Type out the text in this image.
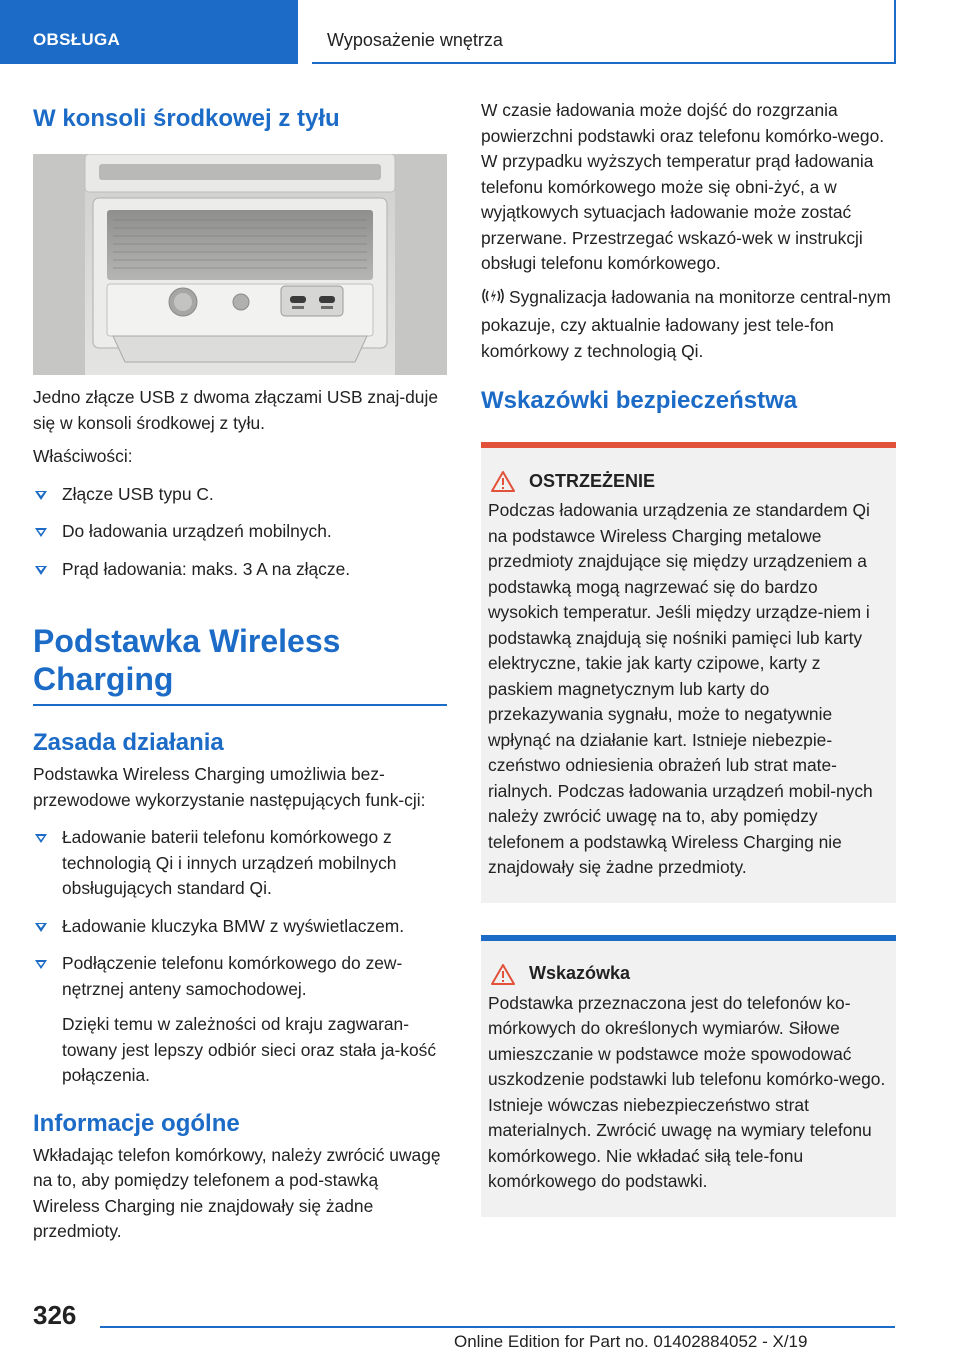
OBSŁUGA	Wyposażenie wnętrza
W konsoli środkowej z tyłu

Jedno złącze USB z dwoma złączami USB znaj-duje się w konsoli środkowej z tyłu.

Właściwości:

Złącze USB typu C.
Do ładowania urządzeń mobilnych.
Prąd ładowania: maks. 3 A na złącze.
Podstawka Wireless Charging
Zasada działania

Podstawka Wireless Charging umożliwia bez-przewodowe wykorzystanie następujących funk-cji:

Ładowanie baterii telefonu komórkowego z technologią Qi i innych urządzeń mobilnych obsługujących standard Qi.
Ładowanie kluczyka BMW z wyświetlaczem.
Podłączenie telefonu komórkowego do zew-nętrznej anteny samochodowej.

Dzięki temu w zależności od kraju zagwaran-towany jest lepszy odbiór sieci oraz stała ja-kość połączenia.

Informacje ogólne

Wkładając telefon komórkowy, należy zwrócić uwagę na to, aby pomiędzy telefonem a pod-stawką Wireless Charging nie znajdowały się żadne przedmioty.

W czasie ładowania może dojść do rozgrzania powierzchni podstawki oraz telefonu komórko-wego. W przypadku wyższych temperatur prąd ładowania telefonu komórkowego może się obni-żyć, a w wyjątkowych sytuacjach ładowanie może zostać przerwane. Przestrzegać wskazó-wek w instrukcji obsługi telefonu komórkowego.

Sygnalizacja ładowania na monitorze central-nym pokazuje, czy aktualnie ładowany jest tele-fon komórkowy z technologią Qi.

Wskazówki bezpieczeństwa
OSTRZEŻENIE

Podczas ładowania urządzenia ze standardem Qi na podstawce Wireless Charging metalowe przedmioty znajdujące się między urządzeniem a podstawką mogą nagrzewać się do bardzo wysokich temperatur. Jeśli między urządze-niem i podstawką znajdują się nośniki pamięci lub karty elektryczne, takie jak karty czipowe, karty z paskiem magnetycznym lub karty do przekazywania sygnału, może to negatywnie wpłynąć na działanie kart. Istnieje niebezpie-czeństwo odniesienia obrażeń lub strat mate-rialnych. Podczas ładowania urządzeń mobil-nych należy zwrócić uwagę na to, aby pomiędzy telefonem a podstawką Wireless Charging nie znajdowały się żadne przedmioty.

Wskazówka

Podstawka przeznaczona jest do telefonów ko-mórkowych do określonych wymiarów. Siłowe umieszczanie w podstawce może spowodować uszkodzenie podstawki lub telefonu komórko-wego. Istnieje wówczas niebezpieczeństwo strat materialnych. Zwrócić uwagę na wymiary telefonu komórkowego. Nie wkładać siłą tele-fonu komórkowego do podstawki.

326
Online Edition for Part no. 01402884052 - X/19
